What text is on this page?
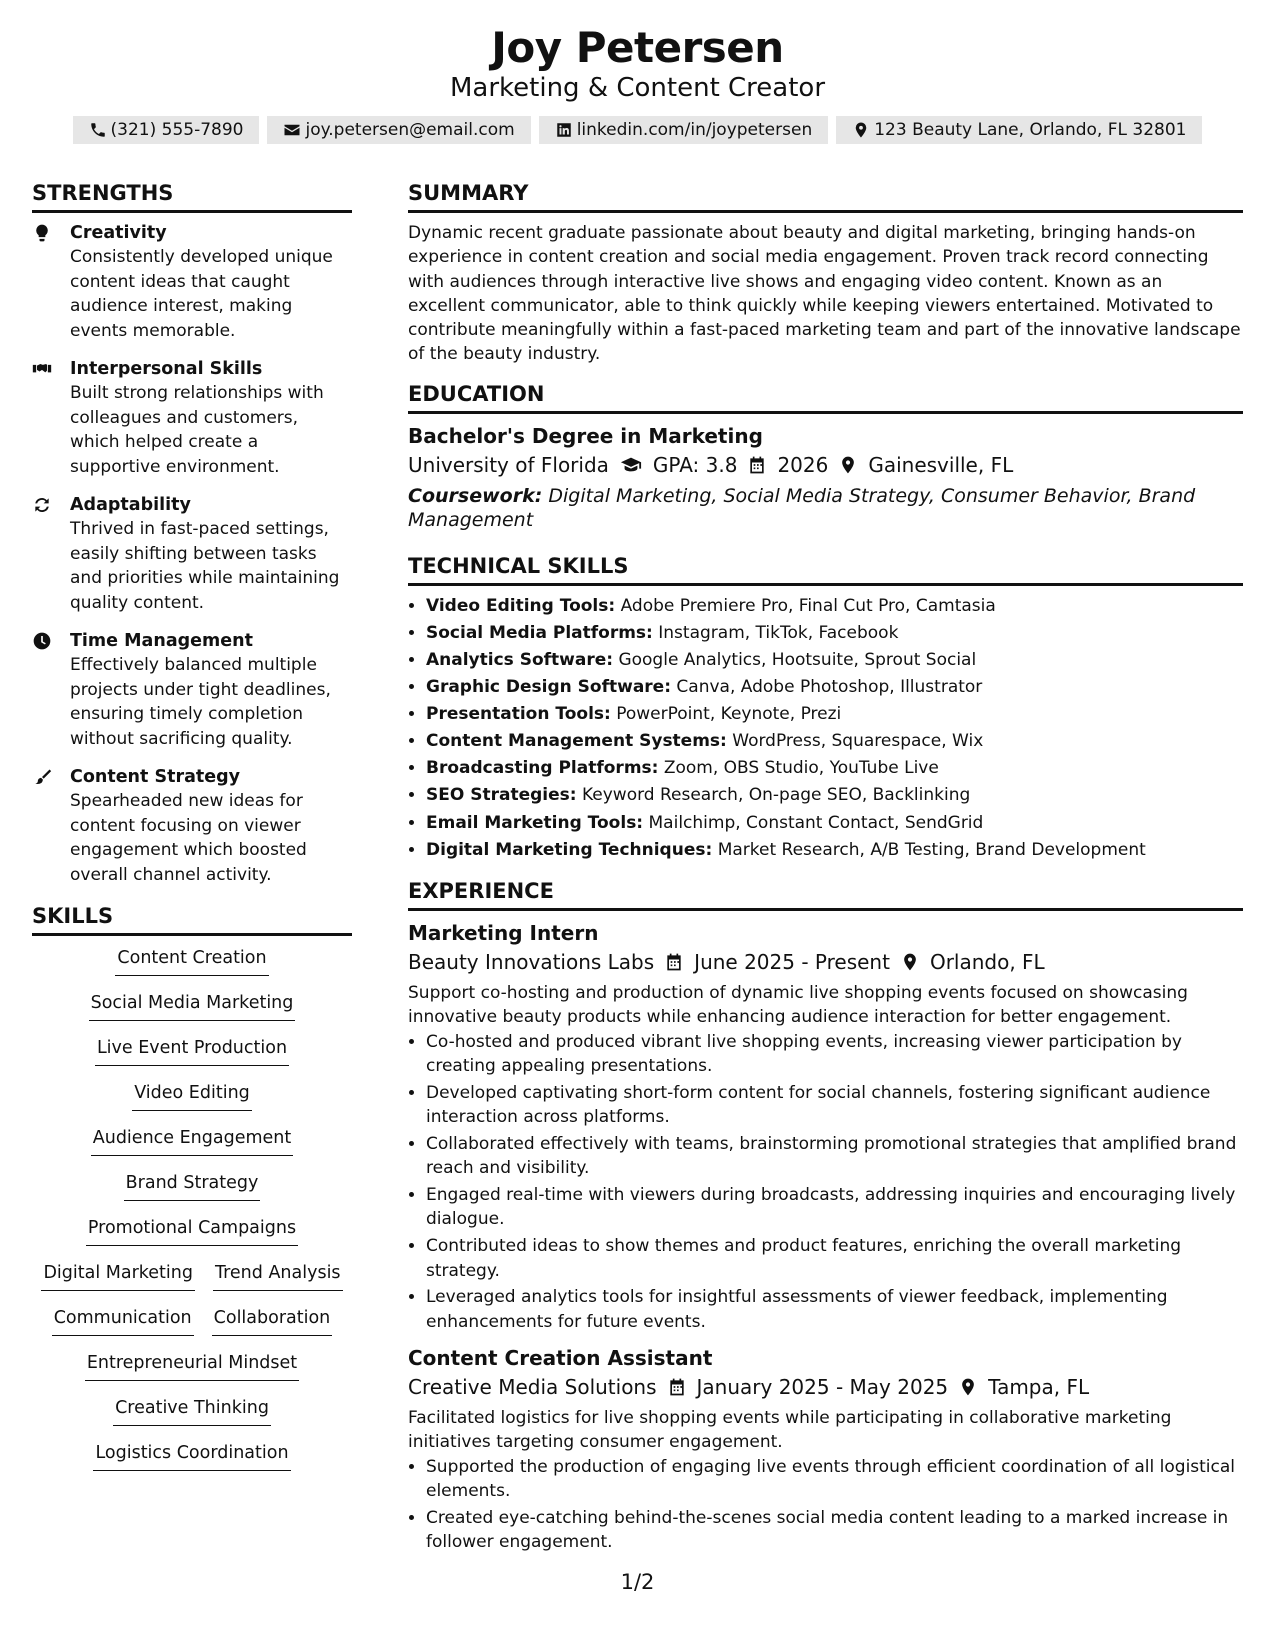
Joy Petersen
Marketing & Content Creator
(321) 555-7890	joy.petersen@email.com	linkedin.com/in/joypetersen	123 Beauty Lane, Orlando, FL 32801
STRENGTHS
Creativity
Consistently developed unique content ideas that caught audience interest, making events memorable.
Interpersonal Skills
Built strong relationships with colleagues and customers, which helped create a supportive environment.
Adaptability
Thrived in fast-paced settings, easily shifting between tasks and priorities while maintaining quality content.
Time Management
Effectively balanced multiple projects under tight deadlines, ensuring timely completion without sacrificing quality.
Content Strategy
Spearheaded new ideas for content focusing on viewer engagement which boosted overall channel activity.
SKILLS
Content Creation
Social Media Marketing
Live Event Production
Video Editing
Audience Engagement
Brand Strategy
Promotional Campaigns
Digital Marketing Trend Analysis
Communication Collaboration
Entrepreneurial Mindset
Creative Thinking
Logistics Coordination
SUMMARY

Dynamic recent graduate passionate about beauty and digital marketing, bringing hands-on experience in content creation and social media engagement. Proven track record connecting with audiences through interactive live shows and engaging video content. Known as an excellent communicator, able to think quickly while keeping viewers entertained. Motivated to contribute meaningfully within a fast-paced marketing team and part of the innovative landscape of the beauty industry.

EDUCATION
Bachelor's Degree in Marketing
University of Florida GPA: 3.8 2026 Gainesville, FL
Coursework: Digital Marketing, Social Media Strategy, Consumer Behavior, Brand Management
TECHNICAL SKILLS
• Video Editing Tools: Adobe Premiere Pro, Final Cut Pro, Camtasia
• Social Media Platforms: Instagram, TikTok, Facebook
• Analytics Software: Google Analytics, Hootsuite, Sprout Social
• Graphic Design Software: Canva, Adobe Photoshop, Illustrator
• Presentation Tools: PowerPoint, Keynote, Prezi
• Content Management Systems: WordPress, Squarespace, Wix
• Broadcasting Platforms: Zoom, OBS Studio, YouTube Live
• SEO Strategies: Keyword Research, On-page SEO, Backlinking
• Email Marketing Tools: Mailchimp, Constant Contact, SendGrid
• Digital Marketing Techniques: Market Research, A/B Testing, Brand Development
EXPERIENCE
Marketing Intern
Beauty Innovations Labs June 2025 - Present Orlando, FL

Support co-hosting and production of dynamic live shopping events focused on showcasing innovative beauty products while enhancing audience interaction for better engagement.

• Co-hosted and produced vibrant live shopping events, increasing viewer participation by creating appealing presentations.
• Developed captivating short-form content for social channels, fostering significant audience interaction across platforms.
• Collaborated effectively with teams, brainstorming promotional strategies that amplified brand reach and visibility.
• Engaged real-time with viewers during broadcasts, addressing inquiries and encouraging lively dialogue.
• Contributed ideas to show themes and product features, enriching the overall marketing strategy.
• Leveraged analytics tools for insightful assessments of viewer feedback, implementing enhancements for future events.
Content Creation Assistant
Creative Media Solutions January 2025 - May 2025 Tampa, FL

Facilitated logistics for live shopping events while participating in collaborative marketing initiatives targeting consumer engagement.

• Supported the production of engaging live events through efficient coordination of all logistical elements.
• Created eye-catching behind-the-scenes social media content leading to a marked increase in follower engagement.
1/2
